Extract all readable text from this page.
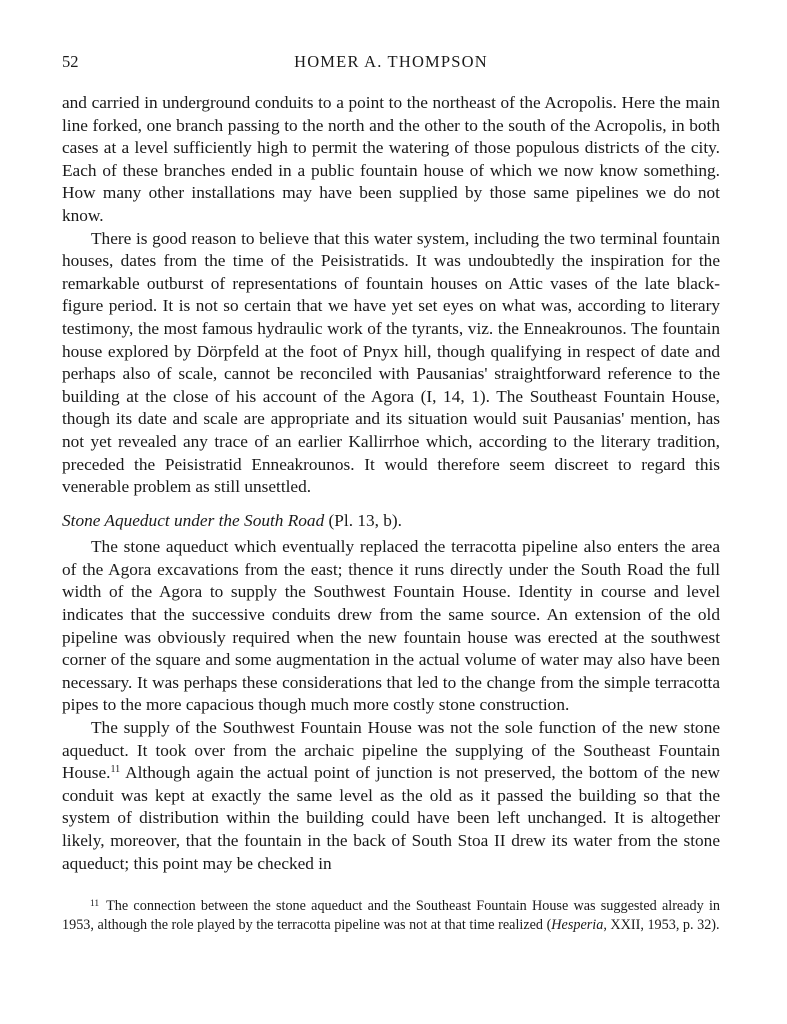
52	HOMER A. THOMPSON

and carried in underground conduits to a point to the northeast of the Acropolis. Here the main line forked, one branch passing to the north and the other to the south of the Acropolis, in both cases at a level sufficiently high to permit the watering of those populous districts of the city. Each of these branches ended in a public fountain house of which we now know something. How many other installations may have been supplied by those same pipelines we do not know.

There is good reason to believe that this water system, including the two terminal fountain houses, dates from the time of the Peisistratids. It was undoubtedly the inspiration for the remarkable outburst of representations of fountain houses on Attic vases of the late black-figure period. It is not so certain that we have yet set eyes on what was, according to literary testimony, the most famous hydraulic work of the tyrants, viz. the Enneakrounos. The fountain house explored by Dörpfeld at the foot of Pnyx hill, though qualifying in respect of date and perhaps also of scale, cannot be reconciled with Pausanias' straightforward reference to the building at the close of his account of the Agora (I, 14, 1). The Southeast Fountain House, though its date and scale are appropriate and its situation would suit Pausanias' mention, has not yet revealed any trace of an earlier Kallirrhoe which, according to the literary tradition, preceded the Peisistratid Enneakrounos. It would therefore seem discreet to regard this venerable problem as still unsettled.

Stone Aqueduct under the South Road (Pl. 13, b).

The stone aqueduct which eventually replaced the terracotta pipeline also enters the area of the Agora excavations from the east; thence it runs directly under the South Road the full width of the Agora to supply the Southwest Fountain House. Identity in course and level indicates that the successive conduits drew from the same source. An extension of the old pipeline was obviously required when the new fountain house was erected at the southwest corner of the square and some augmentation in the actual volume of water may also have been necessary. It was perhaps these considerations that led to the change from the simple terracotta pipes to the more capacious though much more costly stone construction.

The supply of the Southwest Fountain House was not the sole function of the new stone aqueduct. It took over from the archaic pipeline the supplying of the Southeast Fountain House.$^{11}$ Although again the actual point of junction is not preserved, the bottom of the new conduit was kept at exactly the same level as the old as it passed the building so that the system of distribution within the building could have been left unchanged. It is altogether likely, moreover, that the fountain in the back of South Stoa II drew its water from the stone aqueduct; this point may be checked in

$^{11}$ The connection between the stone aqueduct and the Southeast Fountain House was suggested already in 1953, although the role played by the terracotta pipeline was not at that time realized (Hesperia, XXII, 1953, p. 32).
